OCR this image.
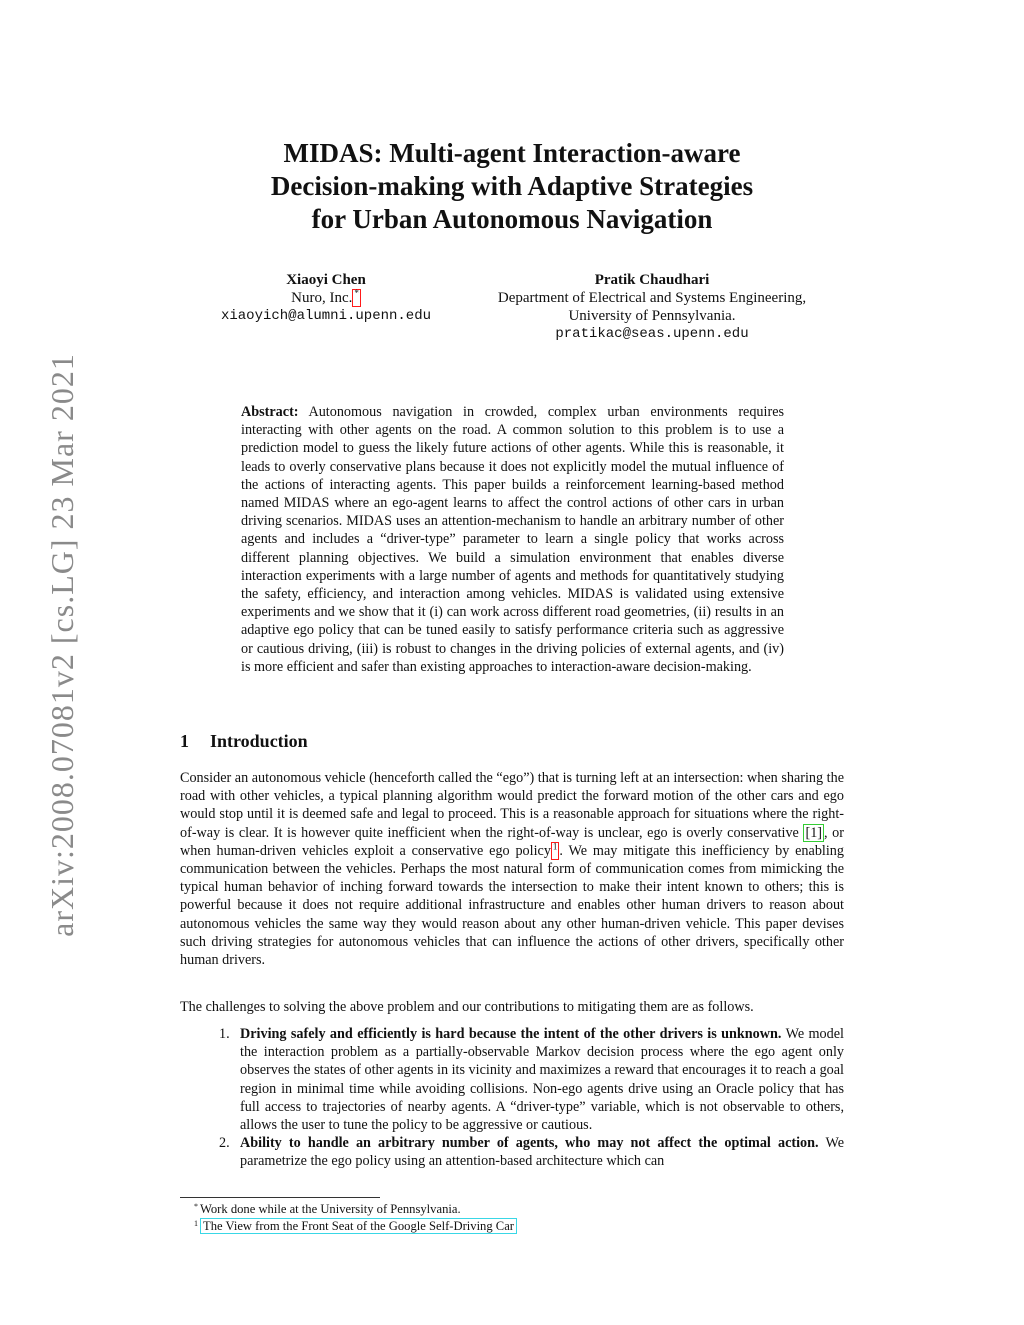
arXiv:2008.07081v2 [cs.LG] 23 Mar 2021
MIDAS: Multi-agent Interaction-aware
Decision-making with Adaptive Strategies
for Urban Autonomous Navigation
Xiaoyi Chen
Nuro, Inc. *
xiaoyich@alumni.upenn.edu
Pratik Chaudhari
Department of Electrical and Systems Engineering,
University of Pennsylvania.
pratikac@seas.upenn.edu
Abstract: Autonomous navigation in crowded, complex urban environments requires interacting with other agents on the road. A common solution to this problem is to use a prediction model to guess the likely future actions of other agents. While this is reasonable, it leads to overly conservative plans because it does not explicitly model the mutual influence of the actions of interacting agents. This paper builds a reinforcement learning-based method named MIDAS where an ego-agent learns to affect the control actions of other cars in urban driving scenarios. MIDAS uses an attention-mechanism to handle an arbitrary number of other agents and includes a “driver-type” parameter to learn a single policy that works across different planning objectives. We build a simulation environment that enables diverse interaction experiments with a large number of agents and methods for quantitatively studying the safety, efficiency, and interaction among vehicles. MIDAS is validated using extensive experiments and we show that it (i) can work across different road geometries, (ii) results in an adaptive ego policy that can be tuned easily to satisfy performance criteria such as aggressive or cautious driving, (iii) is robust to changes in the driving policies of external agents, and (iv) is more efficient and safer than existing approaches to interaction-aware decision-making.
1 Introduction
Consider an autonomous vehicle (henceforth called the “ego”) that is turning left at an intersection: when sharing the road with other vehicles, a typical planning algorithm would predict the forward motion of the other cars and ego would stop until it is deemed safe and legal to proceed. This is a reasonable approach for situations where the right-of-way is clear. It is however quite inefficient when the right-of-way is unclear, ego is overly conservative [1] , or when human-driven vehicles exploit a conservative ego policy $^1$ . We may mitigate this inefficiency by enabling communication between the vehicles. Perhaps the most natural form of communication comes from mimicking the typical human behavior of inching forward towards the intersection to make their intent known to others; this is powerful because it does not require additional infrastructure and enables other human drivers to reason about autonomous vehicles the same way they would reason about any other human-driven vehicle. This paper devises such driving strategies for autonomous vehicles that can influence the actions of other drivers, specifically other human drivers.
The challenges to solving the above problem and our contributions to mitigating them are as follows.
1. Driving safely and efficiently is hard because the intent of the other drivers is unknown. We model the interaction problem as a partially-observable Markov decision process where the ego agent only observes the states of other agents in its vicinity and maximizes a reward that encourages it to reach a goal region in minimal time while avoiding collisions. Non-ego agents drive using an Oracle policy that has full access to trajectories of nearby agents. A “driver-type” variable, which is not observable to others, allows the user to tune the policy to be aggressive or cautious.
2. Ability to handle an arbitrary number of agents, who may not affect the optimal action. We parametrize the ego policy using an attention-based architecture which can
* Work done while at the University of Pennsylvania.
1 The View from the Front Seat of the Google Self-Driving Car
